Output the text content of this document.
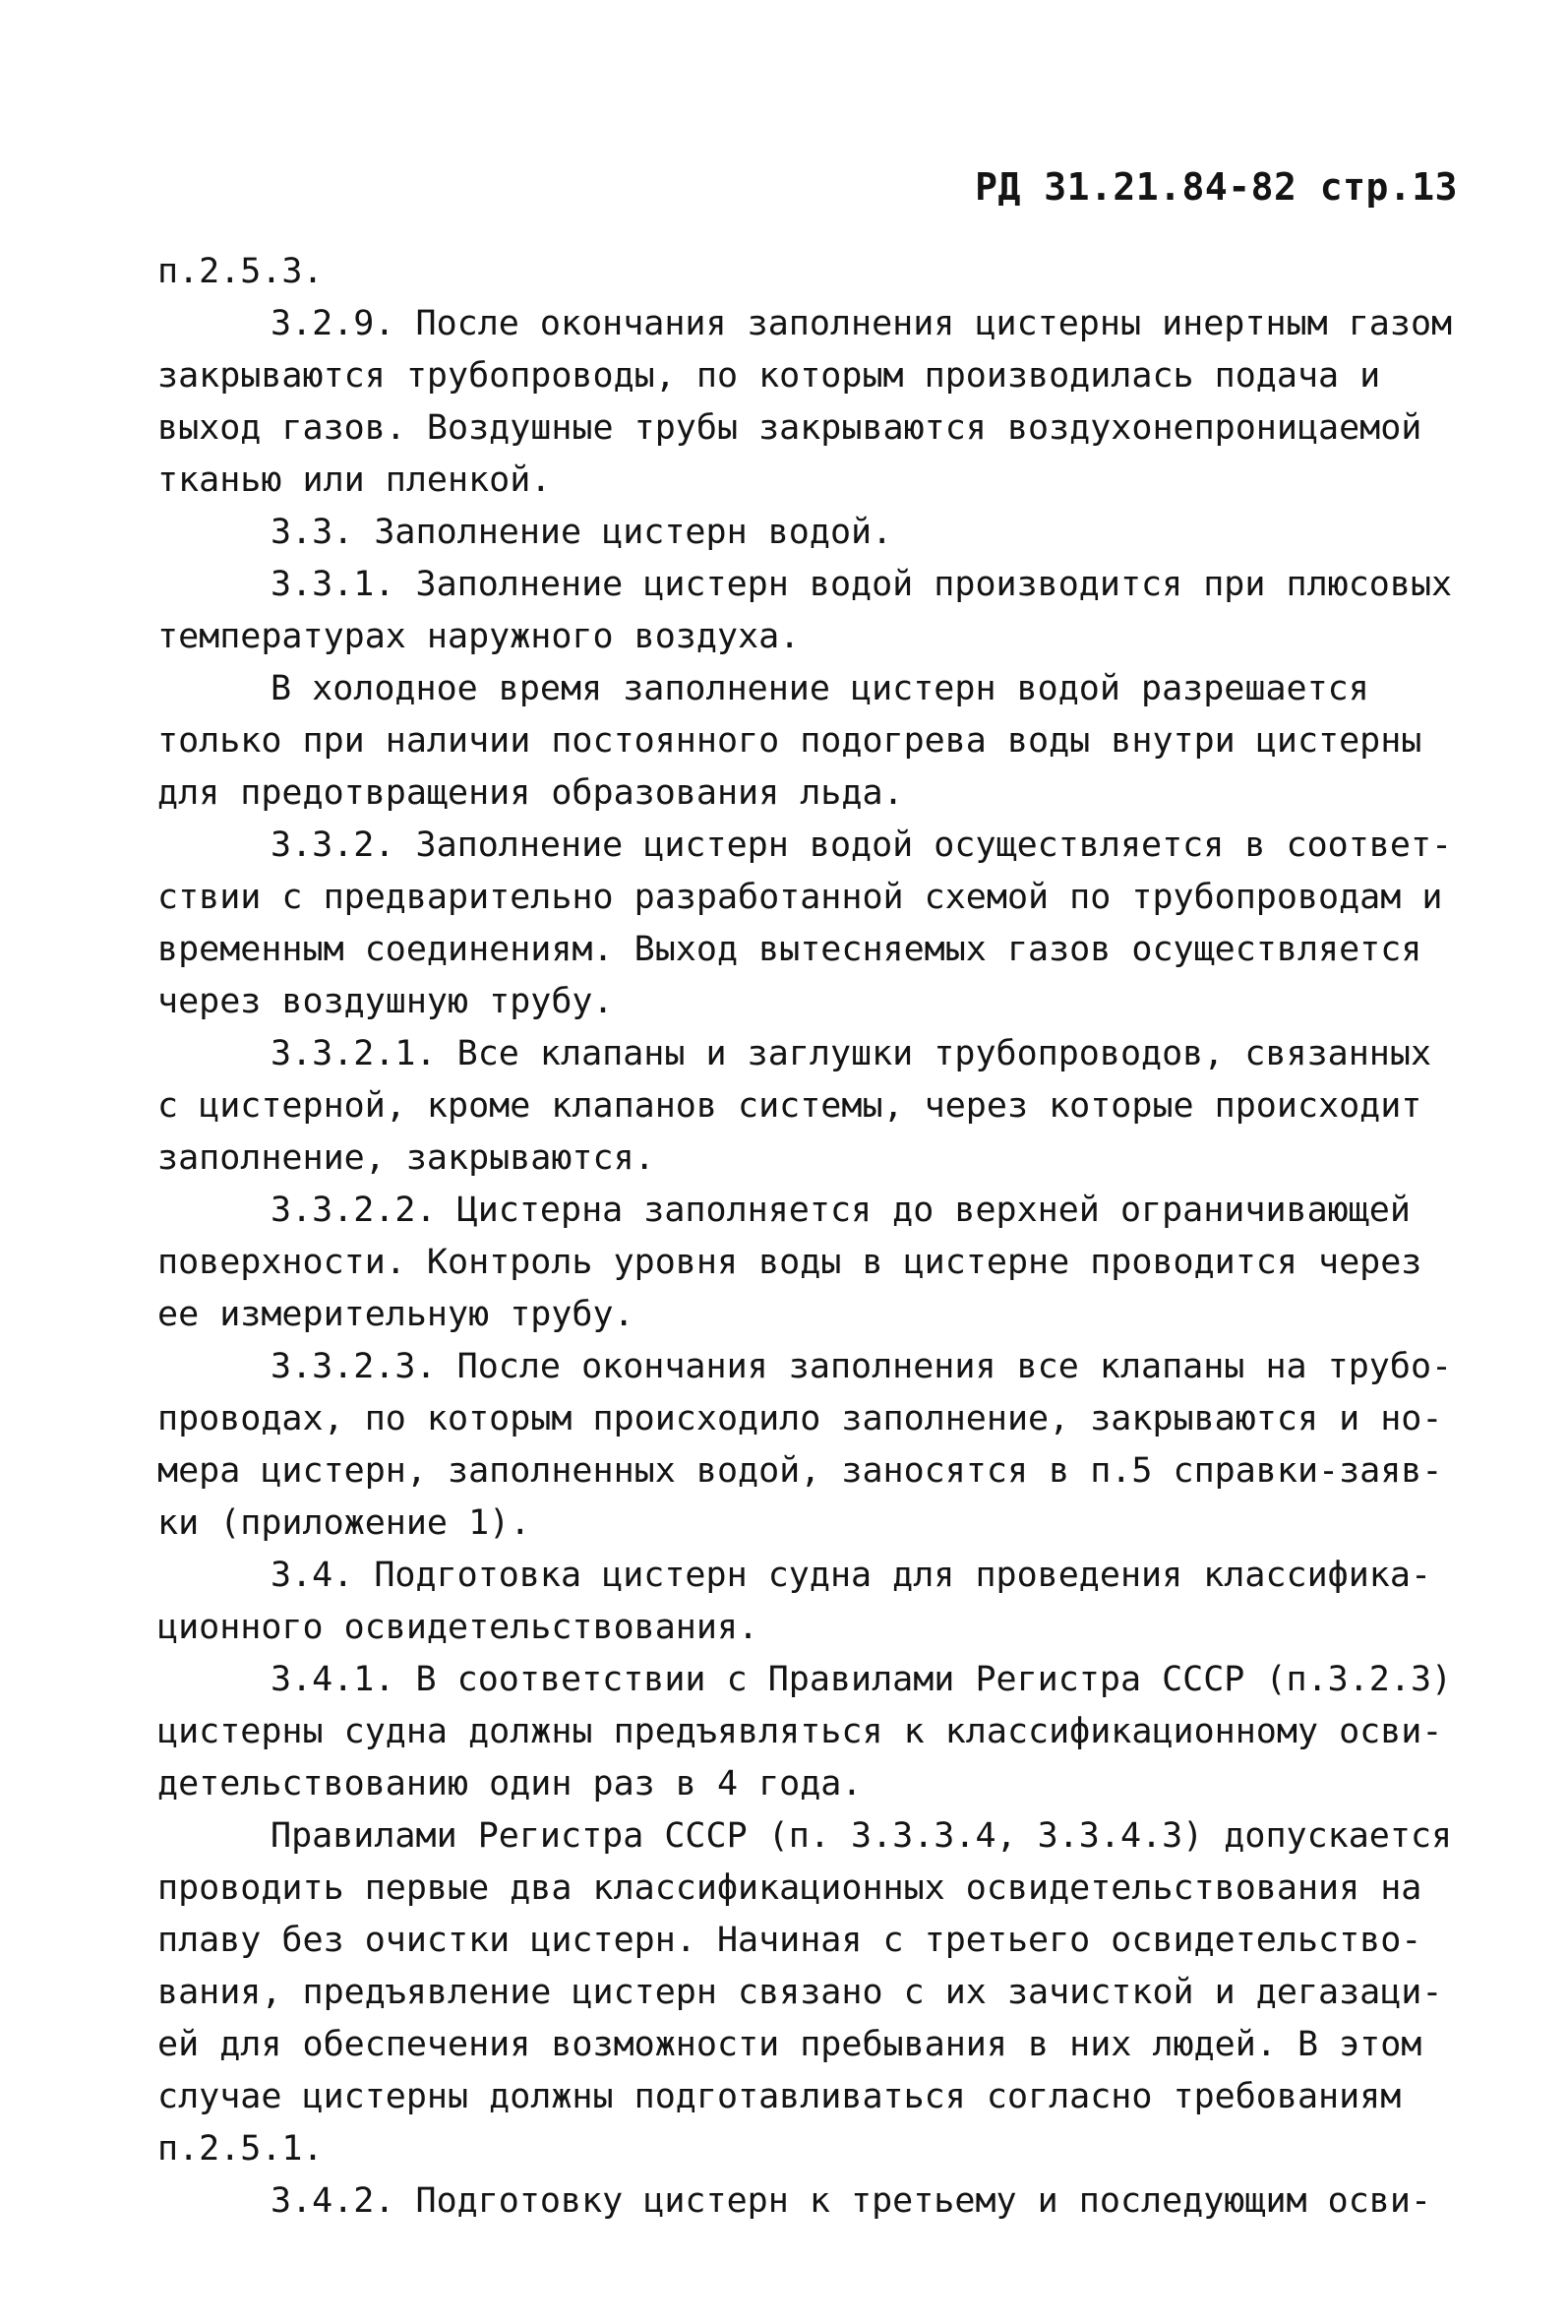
РД 31.21.84-82 стр.13
п.2.5.3.
3.2.9. После окончания заполнения цистерны инертным газом
закрываются трубопроводы, по которым производилась подача и
выход газов. Воздушные трубы закрываются воздухонепроницаемой
тканью или пленкой.
3.3. Заполнение цистерн водой.
3.3.1. Заполнение цистерн водой производится при плюсовых
температурах наружного воздуха.
В холодное время заполнение цистерн водой разрешается
только при наличии постоянного подогрева воды внутри цистерны
для предотвращения образования льда.
3.3.2. Заполнение цистерн водой осуществляется в соответ-
ствии с предварительно разработанной схемой по трубопроводам и
временным соединениям. Выход вытесняемых газов осуществляется
через воздушную трубу.
3.3.2.1. Все клапаны и заглушки трубопроводов, связанных
с цистерной, кроме клапанов системы, через которые происходит
заполнение, закрываются.
3.3.2.2. Цистерна заполняется до верхней ограничивающей
поверхности. Контроль уровня воды в цистерне проводится через
ее измерительную трубу.
3.3.2.3. После окончания заполнения все клапаны на трубо-
проводах, по которым происходило заполнение, закрываются и но-
мера цистерн, заполненных водой, заносятся в п.5 справки-заяв-
ки (приложение 1).
3.4. Подготовка цистерн судна для проведения классифика-
ционного освидетельствования.
3.4.1. В соответствии с Правилами Регистра СССР (п.3.2.3)
цистерны судна должны предъявляться к классификационному осви-
детельствованию один раз в 4 года.
Правилами Регистра СССР (п. 3.3.3.4, 3.3.4.3) допускается
проводить первые два классификационных освидетельствования на
плаву без очистки цистерн. Начиная с третьего освидетельство-
вания, предъявление цистерн связано с их зачисткой и дегазаци-
ей для обеспечения возможности пребывания в них людей. В этом
случае цистерны должны подготавливаться согласно требованиям
п.2.5.1.
3.4.2. Подготовку цистерн к третьему и последующим осви-
